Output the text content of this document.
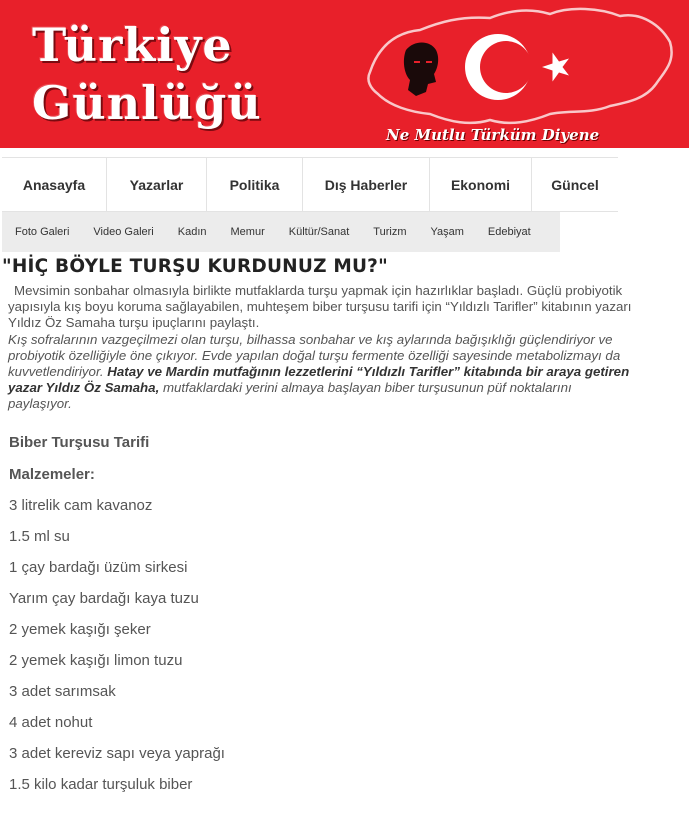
Türkiye
Günlüğü
Ne Mutlu Türküm Diyene
Anasayfa	Yazarlar	Politika	Dış Haberler	Ekonomi	Güncel
Foto Galeri	Video Galeri	Kadın	Memur	Kültür/Sanat	Turizm	Yaşam	Edebiyat
"HİÇ BÖYLE TURŞU KURDUNUZ MU?"

Mevsimin sonbahar olmasıyla birlikte mutfaklarda turşu yapmak için hazırlıklar başladı. Güçlü probiyotik yapısıyla kış boyu koruma sağlayabilen, muhteşem biber turşusu tarifi için “Yıldızlı Tarifler” kitabının yazarı Yıldız Öz Samaha turşu ipuçlarını paylaştı.

Kış sofralarının vazgeçilmezi olan turşu, bilhassa sonbahar ve kış aylarında bağışıklığı güçlendiriyor ve probiyotik özelliğiyle öne çıkıyor. Evde yapılan doğal turşu fermente özelliği sayesinde metabolizmayı da kuvvetlendiriyor. Hatay ve Mardin mutfağının lezzetlerini “Yıldızlı Tarifler” kitabında bir araya getiren yazar Yıldız Öz Samaha, mutfaklardaki yerini almaya başlayan biber turşusunun püf noktalarını paylaşıyor.

Biber Turşusu Tarifi

Malzemeler:

3 litrelik cam kavanoz
1.5 ml su
1 çay bardağı üzüm sirkesi
Yarım çay bardağı kaya tuzu
2 yemek kaşığı şeker
2 yemek kaşığı limon tuzu
3 adet sarımsak
4 adet nohut
3 adet kereviz sapı veya yaprağı
1.5 kilo kadar turşuluk biber
